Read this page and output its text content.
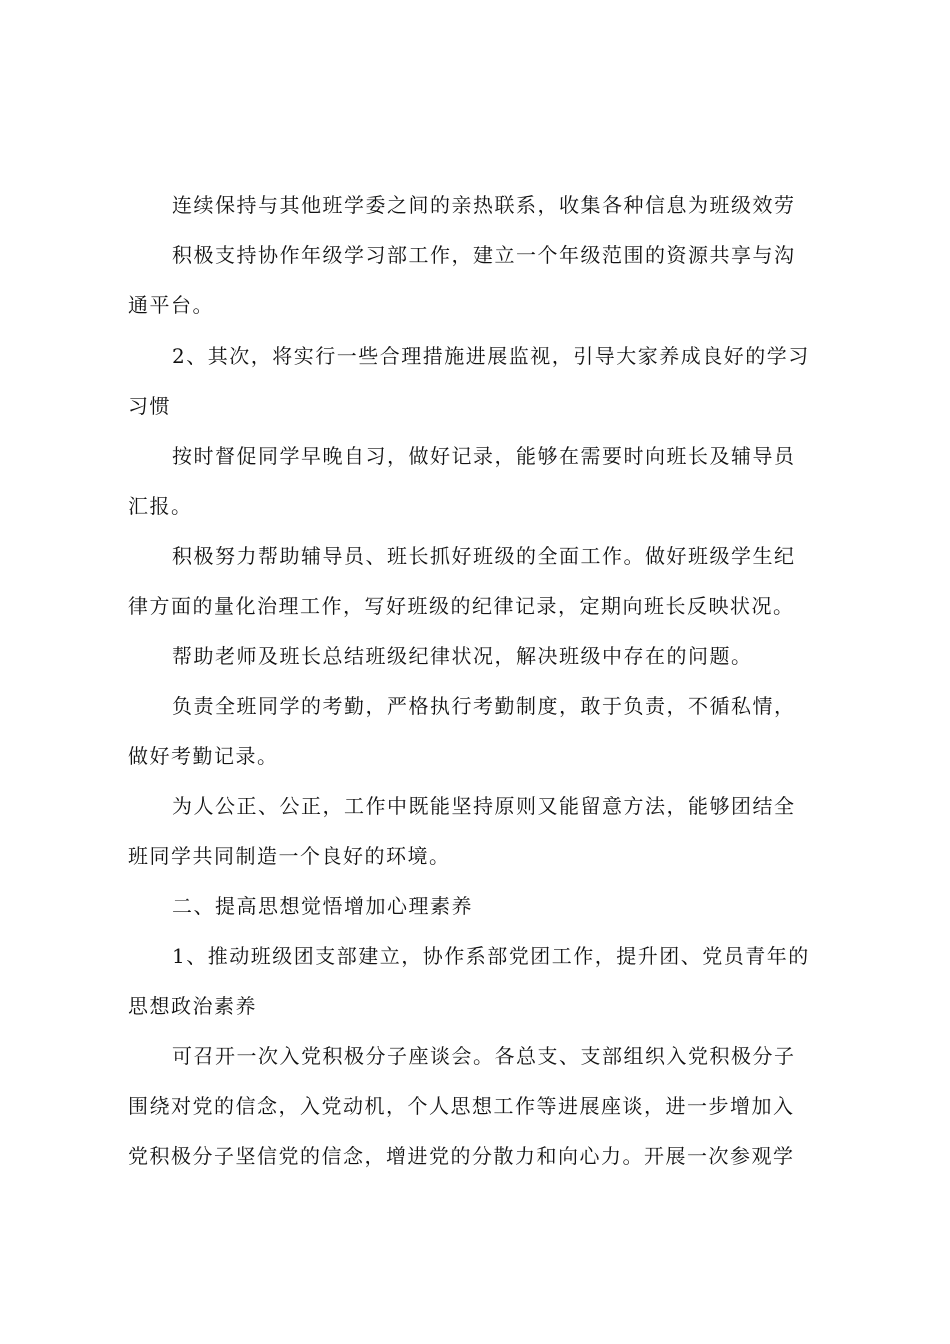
连续保持与其他班学委之间的亲热联系，收集各种信息为班级效劳
积极支持协作年级学习部工作，建立一个年级范围的资源共享与沟
通平台。
2、其次，将实行一些合理措施进展监视，引导大家养成良好的学习
习惯
按时督促同学早晚自习，做好记录，能够在需要时向班长及辅导员
汇报。
积极努力帮助辅导员、班长抓好班级的全面工作。做好班级学生纪
律方面的量化治理工作，写好班级的纪律记录，定期向班长反映状况。
帮助老师及班长总结班级纪律状况，解决班级中存在的问题。
负责全班同学的考勤，严格执行考勤制度，敢于负责，不循私情，
做好考勤记录。
为人公正、公正，工作中既能坚持原则又能留意方法，能够团结全
班同学共同制造一个良好的环境。
二、提高思想觉悟增加心理素养
1、推动班级团支部建立，协作系部党团工作，提升团、党员青年的
思想政治素养
可召开一次入党积极分子座谈会。各总支、支部组织入党积极分子
围绕对党的信念，入党动机，个人思想工作等进展座谈，进一步增加入
党积极分子坚信党的信念，增进党的分散力和向心力。开展一次参观学
